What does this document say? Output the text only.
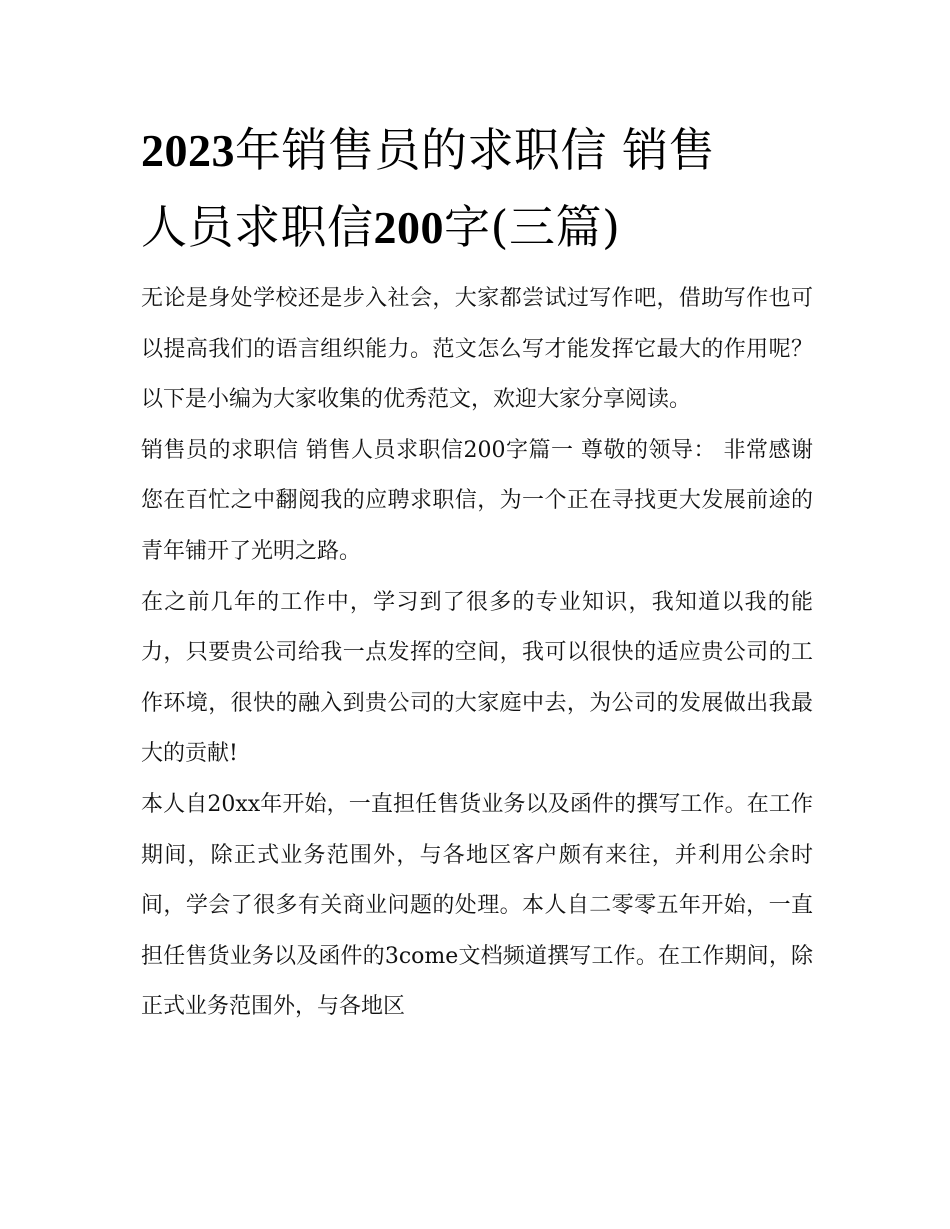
2023年销售员的求职信 销售
人员求职信200字(三篇)

无论是身处学校还是步入社会，大家都尝试过写作吧，借助写作也可以提高我们的语言组织能力。范文怎么写才能发挥它最大的作用呢？以下是小编为大家收集的优秀范文，欢迎大家分享阅读。

销售员的求职信 销售人员求职信200字篇一 尊敬的领导： 非常感谢您在百忙之中翻阅我的应聘求职信，为一个正在寻找更大发展前途的青年铺开了光明之路。

在之前几年的工作中，学习到了很多的专业知识，我知道以我的能力，只要贵公司给我一点发挥的空间，我可以很快的适应贵公司的工作环境，很快的融入到贵公司的大家庭中去，为公司的发展做出我最大的贡献!

本人自20xx年开始，一直担任售货业务以及函件的撰写工作。在工作期间，除正式业务范围外，与各地区客户颇有来往，并利用公余时间，学会了很多有关商业问题的处理。本人自二零零五年开始，一直担任售货业务以及函件的3come文档频道撰写工作。在工作期间，除正式业务范围外，与各地区
